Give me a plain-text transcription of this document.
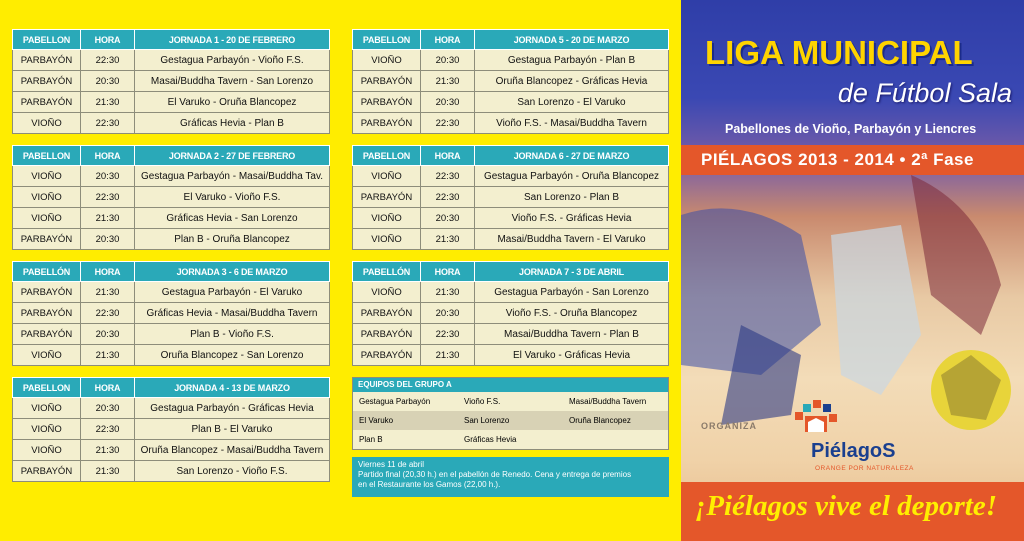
PABELLON	HORA	JORNADA 1 - 20 DE FEBRERO
PARBAYÓN	22:30	Gestagua Parbayón - Vioño F.S.
PARBAYÓN	20:30	Masai/Buddha Tavern - San Lorenzo
PARBAYÓN	21:30	El Varuko - Oruña Blancopez
VIOÑO	22:30	Gráficas Hevia - Plan B
PABELLON	HORA	JORNADA 2 - 27 DE FEBRERO
VIOÑO	20:30	Gestagua Parbayón - Masai/Buddha Tav.
VIOÑO	22:30	El Varuko - Vioño F.S.
VIOÑO	21:30	Gráficas Hevia - San Lorenzo
PARBAYÓN	20:30	Plan B - Oruña Blancopez
PABELLÓN	HORA	JORNADA 3 - 6 DE MARZO
PARBAYÓN	21:30	Gestagua Parbayón - El Varuko
PARBAYÓN	22:30	Gráficas Hevia - Masai/Buddha Tavern
PARBAYÓN	20:30	Plan B - Vioño F.S.
VIOÑO	21:30	Oruña Blancopez - San Lorenzo
PABELLON	HORA	JORNADA 4 - 13 DE MARZO
VIOÑO	20:30	Gestagua Parbayón - Gráficas Hevia
VIOÑO	22:30	Plan B - El Varuko
VIOÑO	21:30	Oruña Blancopez - Masai/Buddha Tavern
PARBAYÓN	21:30	San Lorenzo - Vioño F.S.
PABELLON	HORA	JORNADA 5 - 20 DE MARZO
VIOÑO	20:30	Gestagua Parbayón - Plan B
PARBAYÓN	21:30	Oruña Blancopez - Gráficas Hevia
PARBAYÓN	20:30	San Lorenzo - El Varuko
PARBAYÓN	22:30	Vioño F.S. - Masai/Buddha Tavern
PABELLON	HORA	JORNADA 6 - 27 DE MARZO
VIOÑO	22:30	Gestagua Parbayón - Oruña Blancopez
PARBAYÓN	22:30	San Lorenzo - Plan B
VIOÑO	20:30	Vioño F.S. - Gráficas Hevia
VIOÑO	21:30	Masai/Buddha Tavern - El Varuko
PABELLÓN	HORA	JORNADA 7 - 3 DE ABRIL
VIOÑO	21:30	Gestagua Parbayón - San Lorenzo
PARBAYÓN	20:30	Vioño F.S. - Oruña Blancopez
PARBAYÓN	22:30	Masai/Buddha Tavern - Plan B
PARBAYÓN	21:30	El Varuko - Gráficas Hevia
EQUIPOS DEL GRUPO A
Gestagua Parbayón	Vioño F.S.	Masai/Buddha Tavern
El Varuko	San Lorenzo	Oruña Blancopez
Plan B	Gráficas Hevia
Viernes 11 de abril
Partido final (20,30 h.) en el pabellón de Renedo. Cena y entrega de premios
en el Restaurante los Gamos (22,00 h.).
LIGA MUNICIPAL
de Fútbol Sala
Pabellones de Vioño, Parbayón y Liencres
PIÉLAGOS 2013 - 2014 • 2ª Fase
ORGANIZA
PiélagoS
ORANGE POR NATURALEZA
¡Piélagos vive el deporte!
